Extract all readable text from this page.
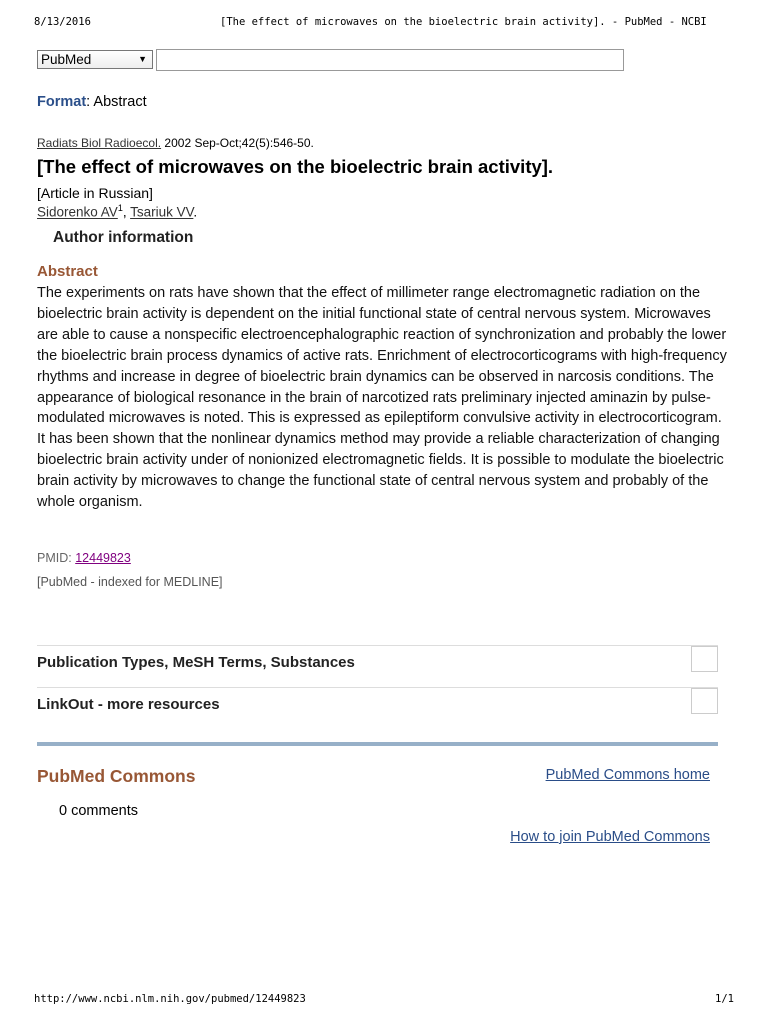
8/13/2016	[The effect of microwaves on the bioelectric brain activity]. - PubMed - NCBI
PubMed	▼
Format: Abstract
Radiats Biol Radioecol. 2002 Sep-Oct;42(5):546-50.
[The effect of microwaves on the bioelectric brain activity].
[Article in Russian]
Sidorenko $AV^1$, Tsariuk VV.
Author information
Abstract

The experiments on rats have shown that the effect of millimeter range electromagnetic radiation on the bioelectric brain activity is dependent on the initial functional state of central nervous system. Microwaves are able to cause a nonspecific electroencephalographic reaction of synchronization and probably the lower the bioelectric brain process dynamics of active rats. Enrichment of electrocorticograms with high-frequency rhythms and increase in degree of bioelectric brain dynamics can be observed in narcosis conditions. The appearance of biological resonance in the brain of narcotized rats preliminary injected aminazin by pulse-modulated microwaves is noted. This is expressed as epileptiform convulsive activity in electrocorticogram. It has been shown that the nonlinear dynamics method may provide a reliable characterization of changing bioelectric brain activity under of nonionized electromagnetic fields. It is possible to modulate the bioelectric brain activity by microwaves to change the functional state of central nervous system and probably of the whole organism.

PMID: 12449823
[PubMed - indexed for MEDLINE]
Publication Types, MeSH Terms, Substances
LinkOut - more resources
PubMed Commons	PubMed Commons home
0 comments
How to join PubMed Commons
http://www.ncbi.nlm.nih.gov/pubmed/12449823	1/1
